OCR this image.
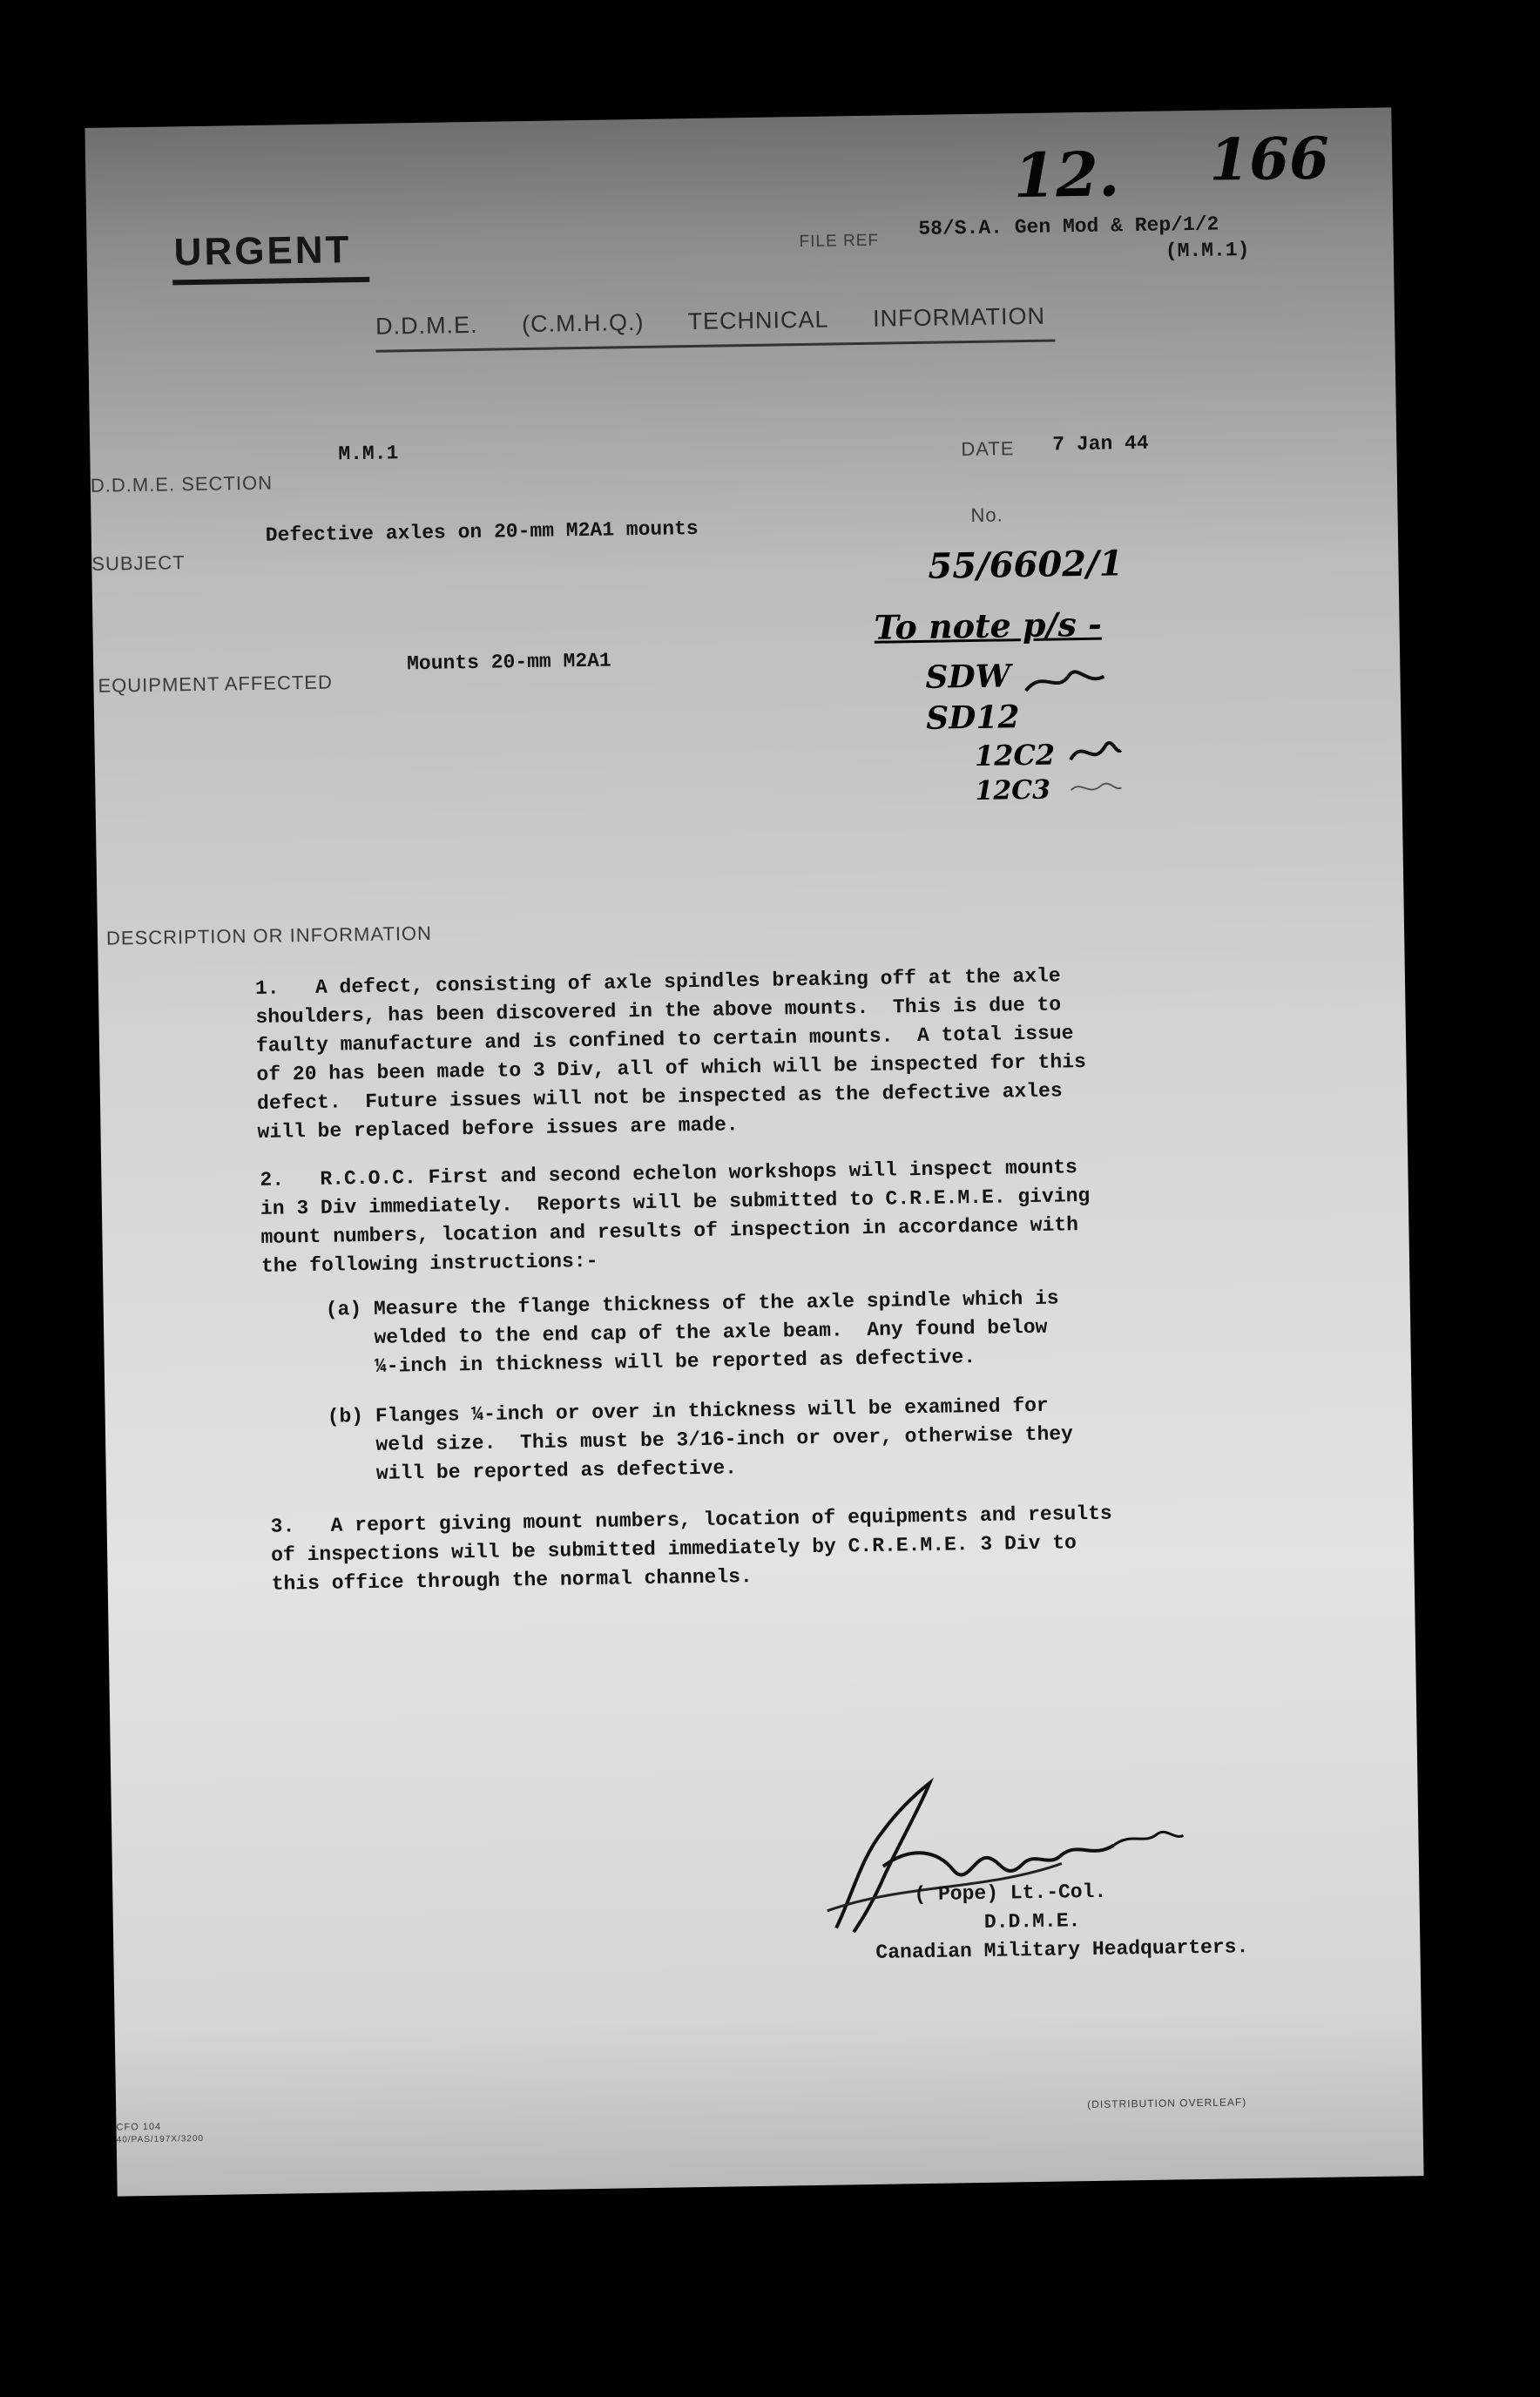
12. 166
URGENT	FILE REF
58/S.A. Gen Mod & Rep/1/2
(M.M.1)
D.D.M.E. (C.M.H.Q.) TECHNICAL INFORMATION
D.D.M.E. SECTION
M.M.1	DATE 7 Jan 44
SUBJECT
Defective axles on 20-mm M2A1 mounts
No.
55/6602/1
To note p/s -
SDW
SD12
12C2
12C3
EQUIPMENT AFFECTED
Mounts 20-mm M2A1
DESCRIPTION OR INFORMATION
1.   A defect, consisting of axle spindles breaking off at the axle
shoulders, has been discovered in the above mounts.  This is due to
faulty manufacture and is confined to certain mounts.  A total issue
of 20 has been made to 3 Div, all of which will be inspected for this
defect.  Future issues will not be inspected as the defective axles
will be replaced before issues are made.
2.   R.C.O.C. First and second echelon workshops will inspect mounts
in 3 Div immediately.  Reports will be submitted to C.R.E.M.E. giving
mount numbers, location and results of inspection in accordance with
the following instructions:-
(a) Measure the flange thickness of the axle spindle which is
welded to the end cap of the axle beam.  Any found below
¼-inch in thickness will be reported as defective.
(b) Flanges ¼-inch or over in thickness will be examined for
weld size.  This must be 3/16-inch or over, otherwise they
will be reported as defective.
3.   A report giving mount numbers, location of equipments and results
of inspections will be submitted immediately by C.R.E.M.E. 3 Div to
this office through the normal channels.
( Pope) Lt.-Col.
D.D.M.E.
Canadian Military Headquarters.
CFO 104
40/PAS/197X/3200
(DISTRIBUTION OVERLEAF)
